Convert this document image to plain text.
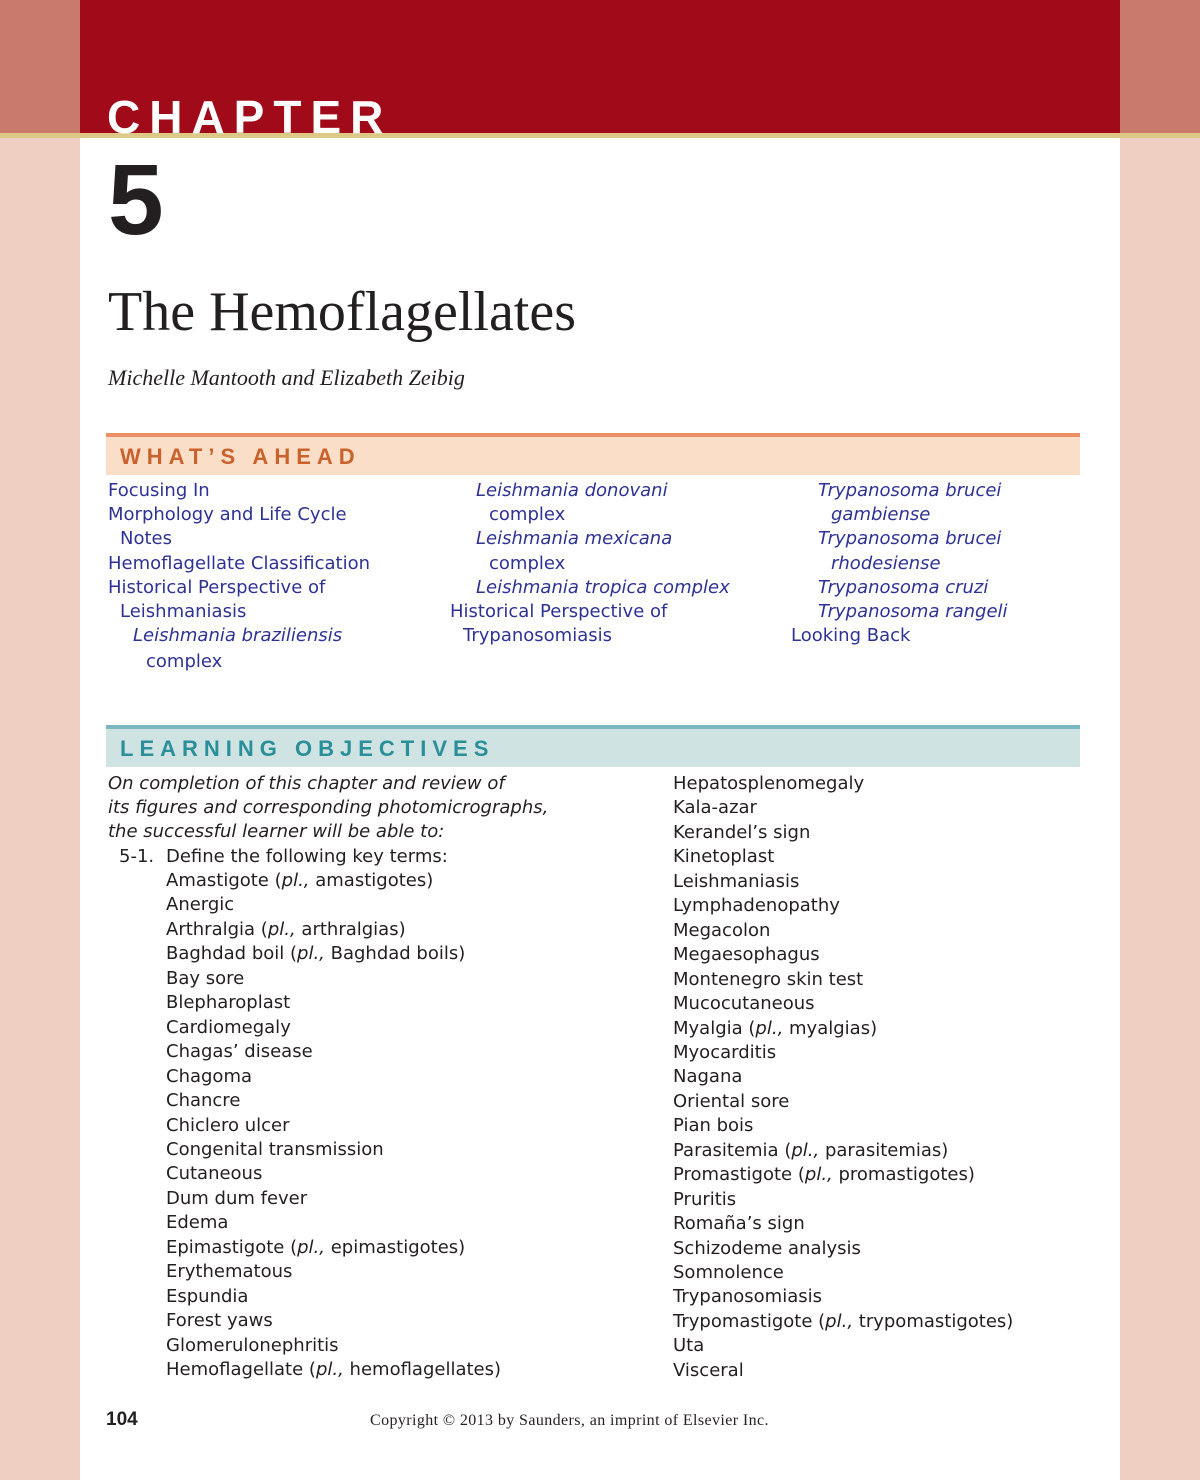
CHAPTER
5
The Hemoflagellates

Michelle Mantooth and Elizabeth Zeibig

WHAT’S AHEAD

Focusing In

Morphology and Life Cycle

Notes

Hemoflagellate Classification

Historical Perspective of

Leishmaniasis

Leishmania braziliensis

complex

Leishmania donovani

complex

Leishmania mexicana

complex

Leishmania tropica complex

Historical Perspective of

Trypanosomiasis

Trypanosoma brucei

gambiense

Trypanosoma brucei

rhodesiense

Trypanosoma cruzi

Trypanosoma rangeli

Looking Back

LEARNING OBJECTIVES

On completion of this chapter and review of

its figures and corresponding photomicrographs,

the successful learner will be able to:

5-1. Define the following key terms:

Amastigote (pl., amastigotes)

Anergic

Arthralgia (pl., arthralgias)

Baghdad boil (pl., Baghdad boils)

Bay sore

Blepharoplast

Cardiomegaly

Chagas’ disease

Chagoma

Chancre

Chiclero ulcer

Congenital transmission

Cutaneous

Dum dum fever

Edema

Epimastigote (pl., epimastigotes)

Erythematous

Espundia

Forest yaws

Glomerulonephritis

Hemoflagellate (pl., hemoflagellates)

Hepatosplenomegaly

Kala-azar

Kerandel’s sign

Kinetoplast

Leishmaniasis

Lymphadenopathy

Megacolon

Megaesophagus

Montenegro skin test

Mucocutaneous

Myalgia (pl., myalgias)

Myocarditis

Nagana

Oriental sore

Pian bois

Parasitemia (pl., parasitemias)

Promastigote (pl., promastigotes)

Pruritis

Romaña’s sign

Schizodeme analysis

Somnolence

Trypanosomiasis

Trypomastigote (pl., trypomastigotes)

Uta

Visceral

104	Copyright © 2013 by Saunders, an imprint of Elsevier Inc.
